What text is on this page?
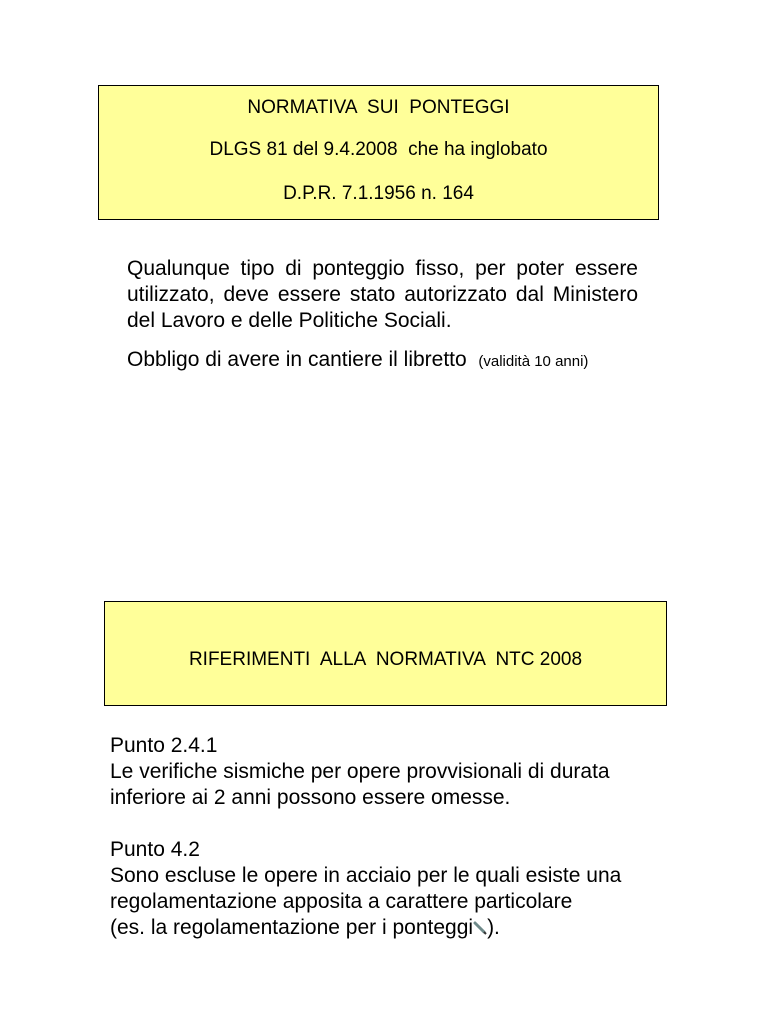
NORMATIVA  SUI  PONTEGGI
DLGS 81 del 9.4.2008  che ha inglobato
D.P.R. 7.1.1956 n. 164
Qualunque tipo di ponteggio fisso, per poter essere utilizzato, deve essere stato autorizzato dal Ministero del Lavoro e delle Politiche Sociali.
Obbligo di avere in cantiere il libretto (validità 10 anni)
RIFERIMENTI  ALLA  NORMATIVA  NTC 2008
Punto 2.4.1
Le verifiche sismiche per opere provvisionali di durata
inferiore ai 2 anni possono essere omesse.
Punto 4.2
Sono escluse le opere in acciaio per le quali esiste una
regolamentazione apposita a carattere particolare
(es. la regolamentazione per i ponteggi ).
